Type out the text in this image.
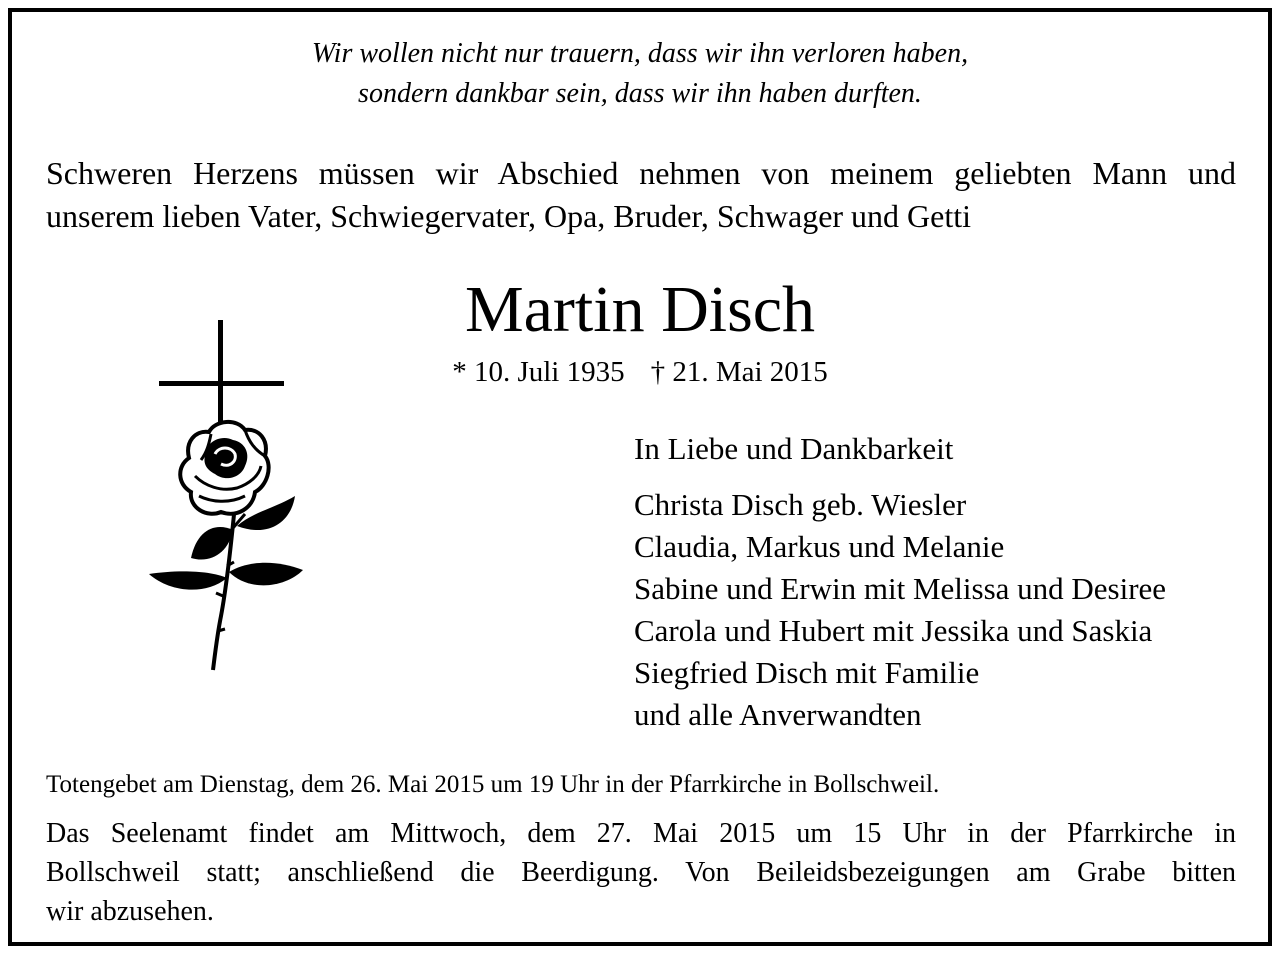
Wir wollen nicht nur trauern, dass wir ihn verloren haben,
sondern dankbar sein, dass wir ihn haben durften.
Schweren Herzens müssen wir Abschied nehmen von meinem geliebten Mann und
unserem lieben Vater, Schwiegervater, Opa, Bruder, Schwager und Getti
Martin Disch
* 10. Juli 1935 † 21. Mai 2015
In Liebe und Dankbarkeit
Christa Disch geb. Wiesler
Claudia, Markus und Melanie
Sabine und Erwin mit Melissa und Desiree
Carola und Hubert mit Jessika und Saskia
Siegfried Disch mit Familie
und alle Anverwandten
Totengebet am Dienstag, dem 26. Mai 2015 um 19 Uhr in der Pfarrkirche in Bollschweil.
Das Seelenamt findet am Mittwoch, dem 27. Mai 2015 um 15 Uhr in der Pfarrkirche in
Bollschweil statt; anschließend die Beerdigung. Von Beileidsbezeigungen am Grabe bitten
wir abzusehen.
